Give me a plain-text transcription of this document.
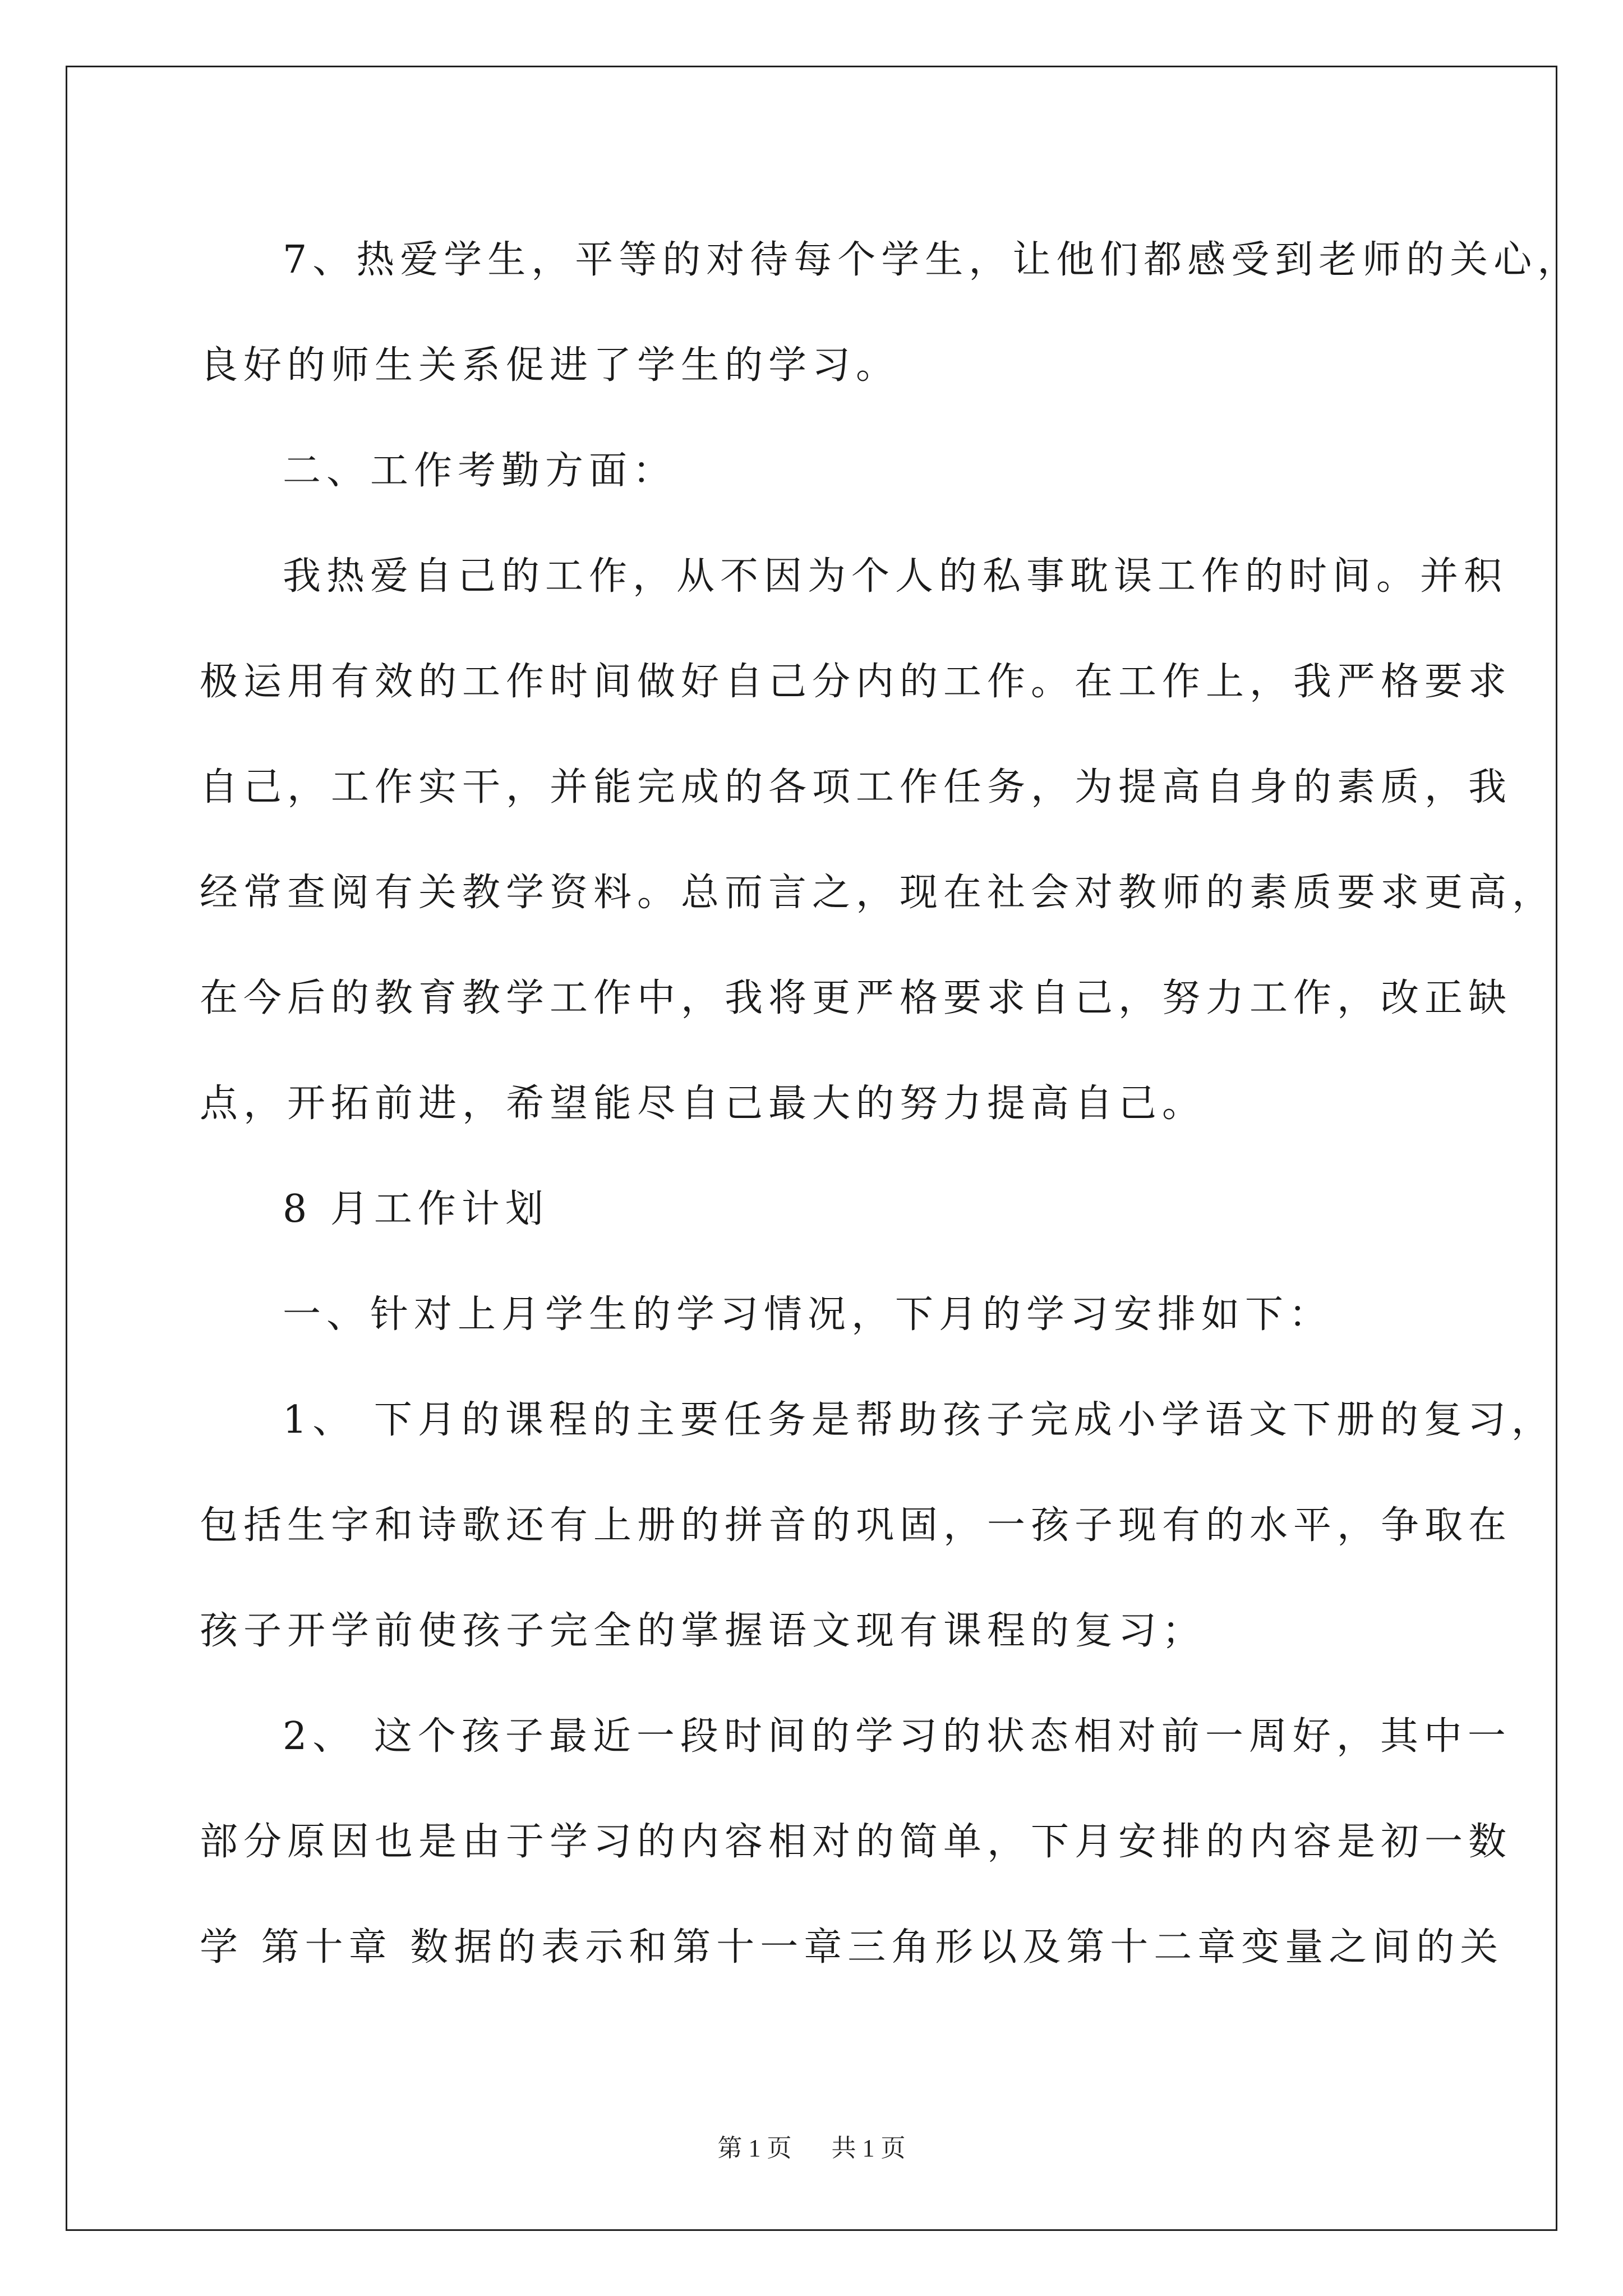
7、热爱学生，平等的对待每个学生，让他们都感受到老师的关心，
良好的师生关系促进了学生的学习。
二、工作考勤方面：
我热爱自己的工作，从不因为个人的私事耽误工作的时间。并积
极运用有效的工作时间做好自己分内的工作。在工作上，我严格要求
自己，工作实干，并能完成的各项工作任务，为提高自身的素质，我
经常查阅有关教学资料。总而言之，现在社会对教师的素质要求更高，
在今后的教育教学工作中，我将更严格要求自己，努力工作，改正缺
点，开拓前进，希望能尽自己最大的努力提高自己。
8 月工作计划
一、针对上月学生的学习情况，下月的学习安排如下：
1、 下月的课程的主要任务是帮助孩子完成小学语文下册的复习，
包括生字和诗歌还有上册的拼音的巩固，一孩子现有的水平，争取在
孩子开学前使孩子完全的掌握语文现有课程的复习；
2、 这个孩子最近一段时间的学习的状态相对前一周好，其中一
部分原因也是由于学习的内容相对的简单，下月安排的内容是初一数
学 第十章 数据的表示和第十一章三角形以及第十二章变量之间的关
第 1 页 共 1 页
